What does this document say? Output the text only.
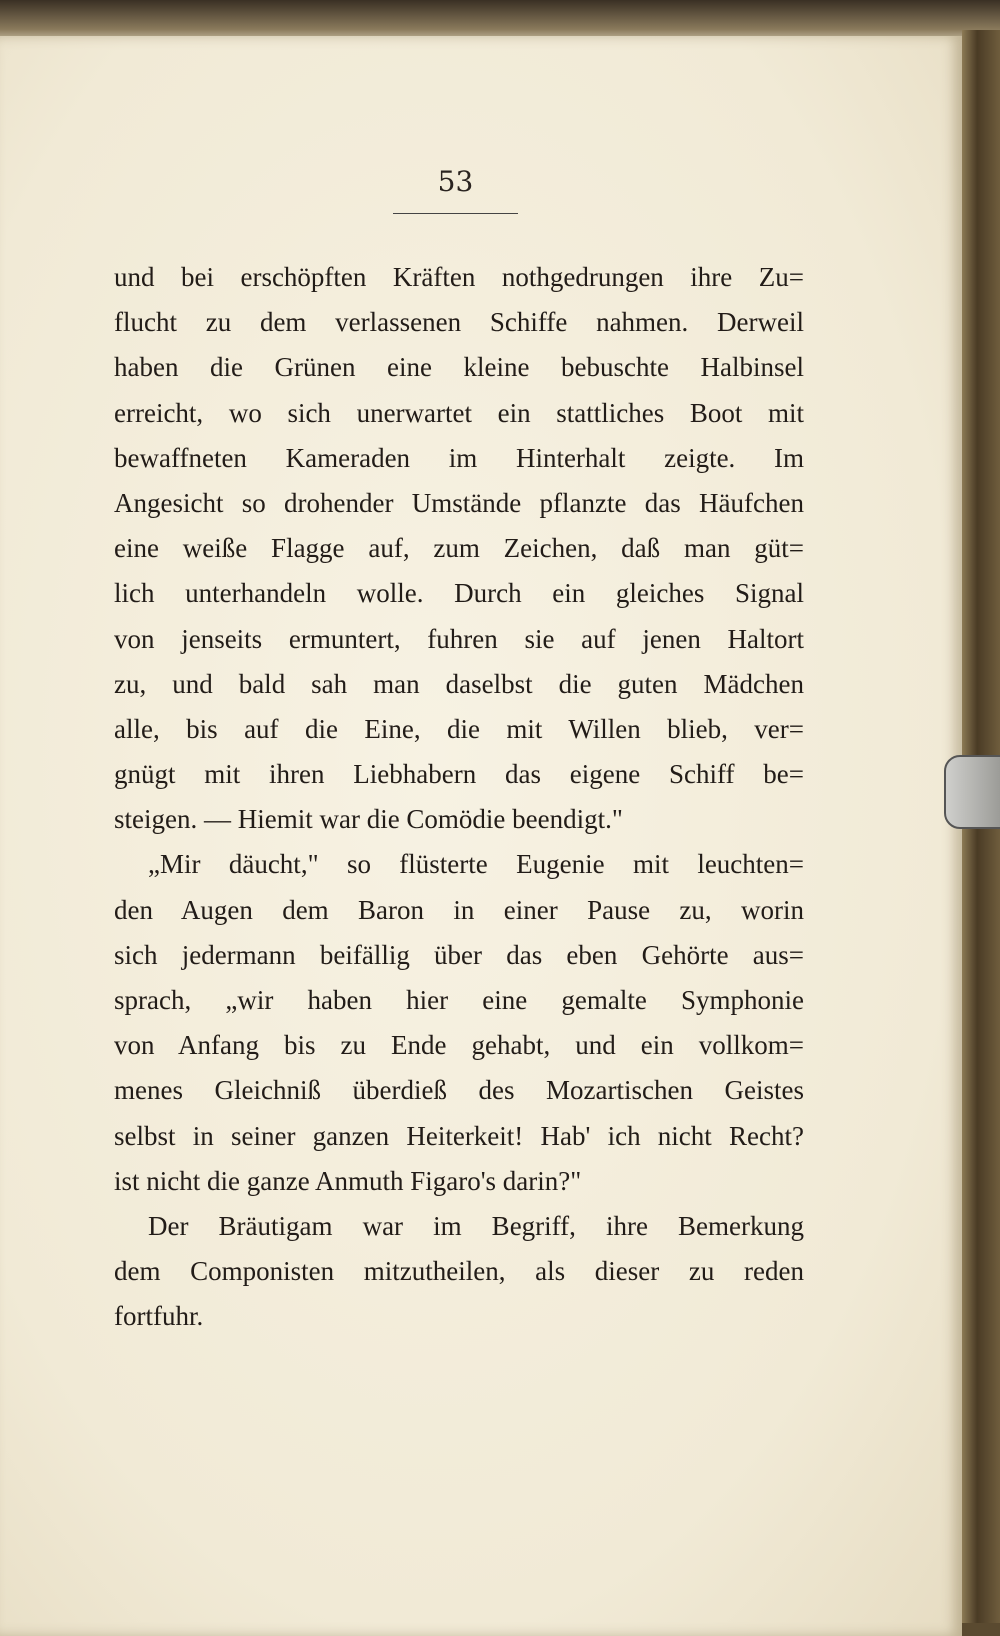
53
und bei erschöpften Kräften nothgedrungen ihre Zu=
flucht zu dem verlassenen Schiffe nahmen. Derweil
haben die Grünen eine kleine bebuschte Halbinsel
erreicht, wo sich unerwartet ein stattliches Boot mit
bewaffneten Kameraden im Hinterhalt zeigte. Im
Angesicht so drohender Umstände pflanzte das Häufchen
eine weiße Flagge auf, zum Zeichen, daß man güt=
lich unterhandeln wolle. Durch ein gleiches Signal
von jenseits ermuntert, fuhren sie auf jenen Haltort
zu, und bald sah man daselbst die guten Mädchen
alle, bis auf die Eine, die mit Willen blieb, ver=
gnügt mit ihren Liebhabern das eigene Schiff be=
steigen. — Hiemit war die Comödie beendigt."
„Mir däucht," so flüsterte Eugenie mit leuchten=
den Augen dem Baron in einer Pause zu, worin
sich jedermann beifällig über das eben Gehörte aus=
sprach, „wir haben hier eine gemalte Symphonie
von Anfang bis zu Ende gehabt, und ein vollkom=
menes Gleichniß überdieß des Mozartischen Geistes
selbst in seiner ganzen Heiterkeit! Hab' ich nicht Recht?
ist nicht die ganze Anmuth Figaro's darin?"
Der Bräutigam war im Begriff, ihre Bemerkung
dem Componisten mitzutheilen, als dieser zu reden
fortfuhr.
